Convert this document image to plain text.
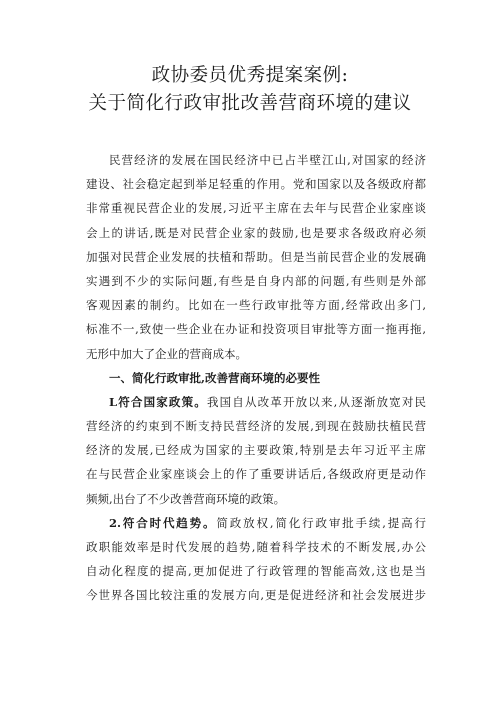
政协委员优秀提案案例:
关于简化行政审批改善营商环境的建议
民营经济的发展在国民经济中已占半壁江山,对国家的经济
建设、社会稳定起到举足轻重的作用。党和国家以及各级政府都
非常重视民营企业的发展,习近平主席在去年与民营企业家座谈
会上的讲话,既是对民营企业家的鼓励,也是要求各级政府必须
加强对民营企业发展的扶植和帮助。但是当前民营企业的发展确
实遇到不少的实际问题,有些是自身内部的问题,有些则是外部
客观因素的制约。比如在一些行政审批等方面,经常政出多门,
标准不一,致使一些企业在办证和投资项目审批等方面一拖再拖,
无形中加大了企业的营商成本。
一、简化行政审批,改善营商环境的必要性
L符合国家政策。我国自从改革开放以来,从逐渐放宽对民
营经济的约束到不断支持民营经济的发展,到现在鼓励扶植民营
经济的发展,已经成为国家的主要政策,特别是去年习近平主席
在与民营企业家座谈会上的作了重要讲话后,各级政府更是动作
频频,出台了不少改善营商环境的政策。
2.符合时代趋势。简政放权,简化行政审批手续,提高行
政职能效率是时代发展的趋势,随着科学技术的不断发展,办公
自动化程度的提高,更加促进了行政管理的智能高效,这也是当
今世界各国比较注重的发展方向,更是促进经济和社会发展进步
